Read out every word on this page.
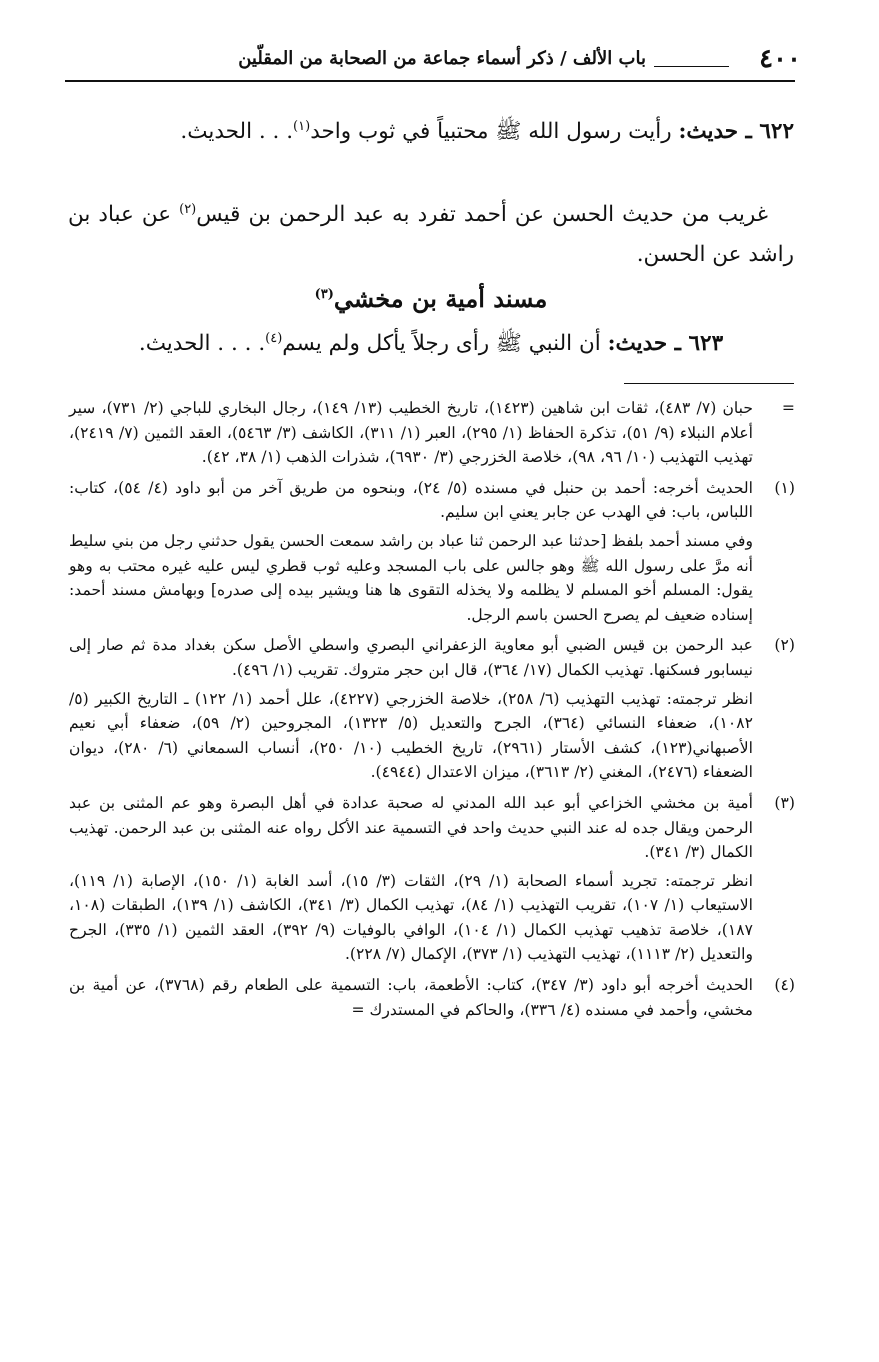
٤٠٠
باب الألف / ذكر أسماء جماعة من الصحابة من المقلّين
٦٢٢ ـ حديث: رأيت رسول الله ﷺ محتبياً في ثوب واحد$^{(١)}$. . . الحديث.
غريب من حديث الحسن عن أحمد تفرد به عبد الرحمن بن قيس$^{(٢)}$ عن عباد بن راشد عن الحسن.
مسند أمية بن مخشي$^{(٣)}$
٦٢٣ ـ حديث: أن النبي ﷺ رأى رجلاً يأكل ولم يسم$^{(٤)}$. . . . الحديث.
=

حبان (٧/ ٤٨٣)، ثقات ابن شاهين (١٤٢٣)، تاريخ الخطيب (١٣/ ١٤٩)، رجال البخاري للباجي (٢/ ٧٣١)، سير أعلام النبلاء (٩/ ٥١)، تذكرة الحفاظ (١/ ٢٩٥)، العبر (١/ ٣١١)، الكاشف (٣/ ٥٤٦٣)، العقد الثمين (٧/ ٢٤١٩)، تهذيب التهذيب (١٠/ ٩٦، ٩٨)، خلاصة الخزرجي (٣/ ٦٩٣٠)، شذرات الذهب (١/ ٣٨، ٤٢).

(١)

الحديث أخرجه: أحمد بن حنبل في مسنده (٥/ ٢٤)، وبنحوه من طريق آخر من أبو داود (٤/ ٥٤)، كتاب: اللباس، باب: في الهدب عن جابر يعني ابن سليم.

وفي مسند أحمد بلفظ [حدثنا عبد الرحمن ثنا عباد بن راشد سمعت الحسن يقول حدثني رجل من بني سليط أنه مرَّ على رسول الله ﷺ وهو جالس على باب المسجد وعليه ثوب قطري ليس عليه غيره محتب به وهو يقول: المسلم أخو المسلم لا يظلمه ولا يخذله التقوى ها هنا ويشير بيده إلى صدره] وبهامش مسند أحمد: إسناده ضعيف لم يصرح الحسن باسم الرجل.

(٢)

عبد الرحمن بن قيس الضبي أبو معاوية الزعفراني البصري واسطي الأصل سكن بغداد مدة ثم صار إلى نيسابور فسكنها. تهذيب الكمال (١٧/ ٣٦٤)، قال ابن حجر متروك. تقريب (١/ ٤٩٦).

انظر ترجمته: تهذيب التهذيب (٦/ ٢٥٨)، خلاصة الخزرجي (٤٢٢٧)، علل أحمد (١/ ١٢٢) ـ التاريخ الكبير (٥/ ١٠٨٢)، ضعفاء النسائي (٣٦٤)، الجرح والتعديل (٥/ ١٣٢٣)، المجروحين (٢/ ٥٩)، ضعفاء أبي نعيم الأصبهاني(١٢٣)، كشف الأستار (٢٩٦١)، تاريخ الخطيب (١٠/ ٢٥٠)، أنساب السمعاني (٦/ ٢٨٠)، ديوان الضعفاء (٢٤٧٦)، المغني (٢/ ٣٦١٣)، ميزان الاعتدال (٤٩٤٤).

(٣)

أمية بن مخشي الخزاعي أبو عبد الله المدني له صحبة عدادة في أهل البصرة وهو عم المثنى بن عبد الرحمن ويقال جده له عند النبي حديث واحد في التسمية عند الأكل رواه عنه المثنى بن عبد الرحمن. تهذيب الكمال (٣/ ٣٤١).

انظر ترجمته: تجريد أسماء الصحابة (١/ ٢٩)، الثقات (٣/ ١٥)، أسد الغابة (١/ ١٥٠)، الإصابة (١/ ١١٩)، الاستيعاب (١/ ١٠٧)، تقريب التهذيب (١/ ٨٤)، تهذيب الكمال (٣/ ٣٤١)، الكاشف (١/ ١٣٩)، الطبقات (١٠٨، ١٨٧)، خلاصة تذهيب تهذيب الكمال (١/ ١٠٤)، الوافي بالوفيات (٩/ ٣٩٢)، العقد الثمين (١/ ٣٣٥)، الجرح والتعديل (٢/ ١١١٣)، تهذيب التهذيب (١/ ٣٧٣)، الإكمال (٧/ ٢٢٨).

(٤)

الحديث أخرجه أبو داود (٣/ ٣٤٧)، كتاب: الأطعمة، باب: التسمية على الطعام رقم (٣٧٦٨)، عن أمية بن مخشي، وأحمد في مسنده (٤/ ٣٣٦)، والحاكم في المستدرك =
